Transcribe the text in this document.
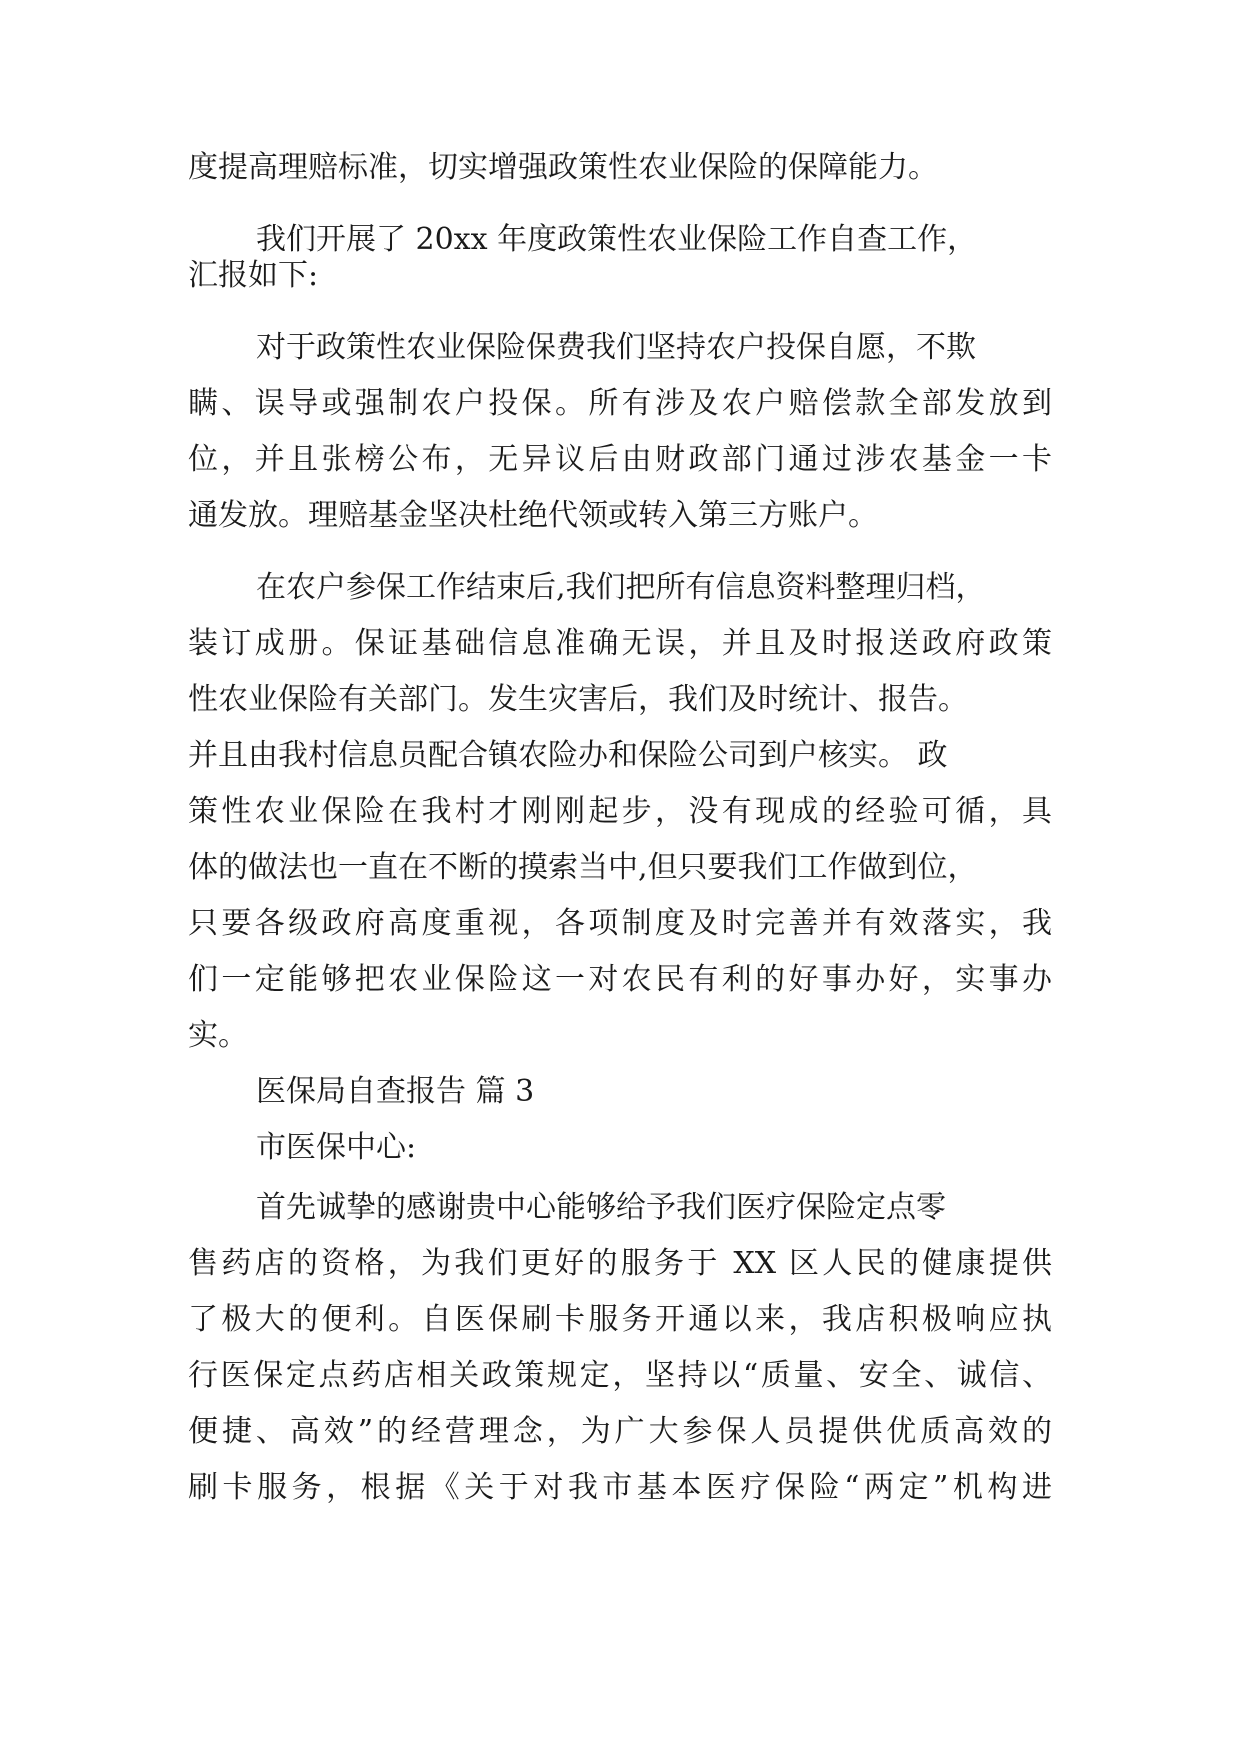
度提高理赔标准，切实增强政策性农业保险的保障能力。
我们开展了 20xx 年度政策性农业保险工作自查工作，
汇报如下:
对于政策性农业保险保费我们坚持农户投保自愿，不欺
瞒、误导或强制农户投保。所有涉及农户赔偿款全部发放到
位，并且张榜公布，无异议后由财政部门通过涉农基金一卡
通发放。理赔基金坚决杜绝代领或转入第三方账户。
在农户参保工作结束后,我们把所有信息资料整理归档，
装订成册。保证基础信息准确无误，并且及时报送政府政策
性农业保险有关部门。发生灾害后，我们及时统计、报告。
并且由我村信息员配合镇农险办和保险公司到户核实。 政
策性农业保险在我村才刚刚起步，没有现成的经验可循，具
体的做法也一直在不断的摸索当中,但只要我们工作做到位，
只要各级政府高度重视，各项制度及时完善并有效落实，我
们一定能够把农业保险这一对农民有利的好事办好，实事办
实。
医保局自查报告 篇 3
市医保中心:
首先诚挚的感谢贵中心能够给予我们医疗保险定点零
售药店的资格，为我们更好的服务于 XX 区人民的健康提供
了极大的便利。自医保刷卡服务开通以来，我店积极响应执
行医保定点药店相关政策规定，坚持以“质量、安全、诚信、
便捷、高效”的经营理念，为广大参保人员提供优质高效的
刷卡服务，根据《关于对我市基本医疗保险“两定”机构进
